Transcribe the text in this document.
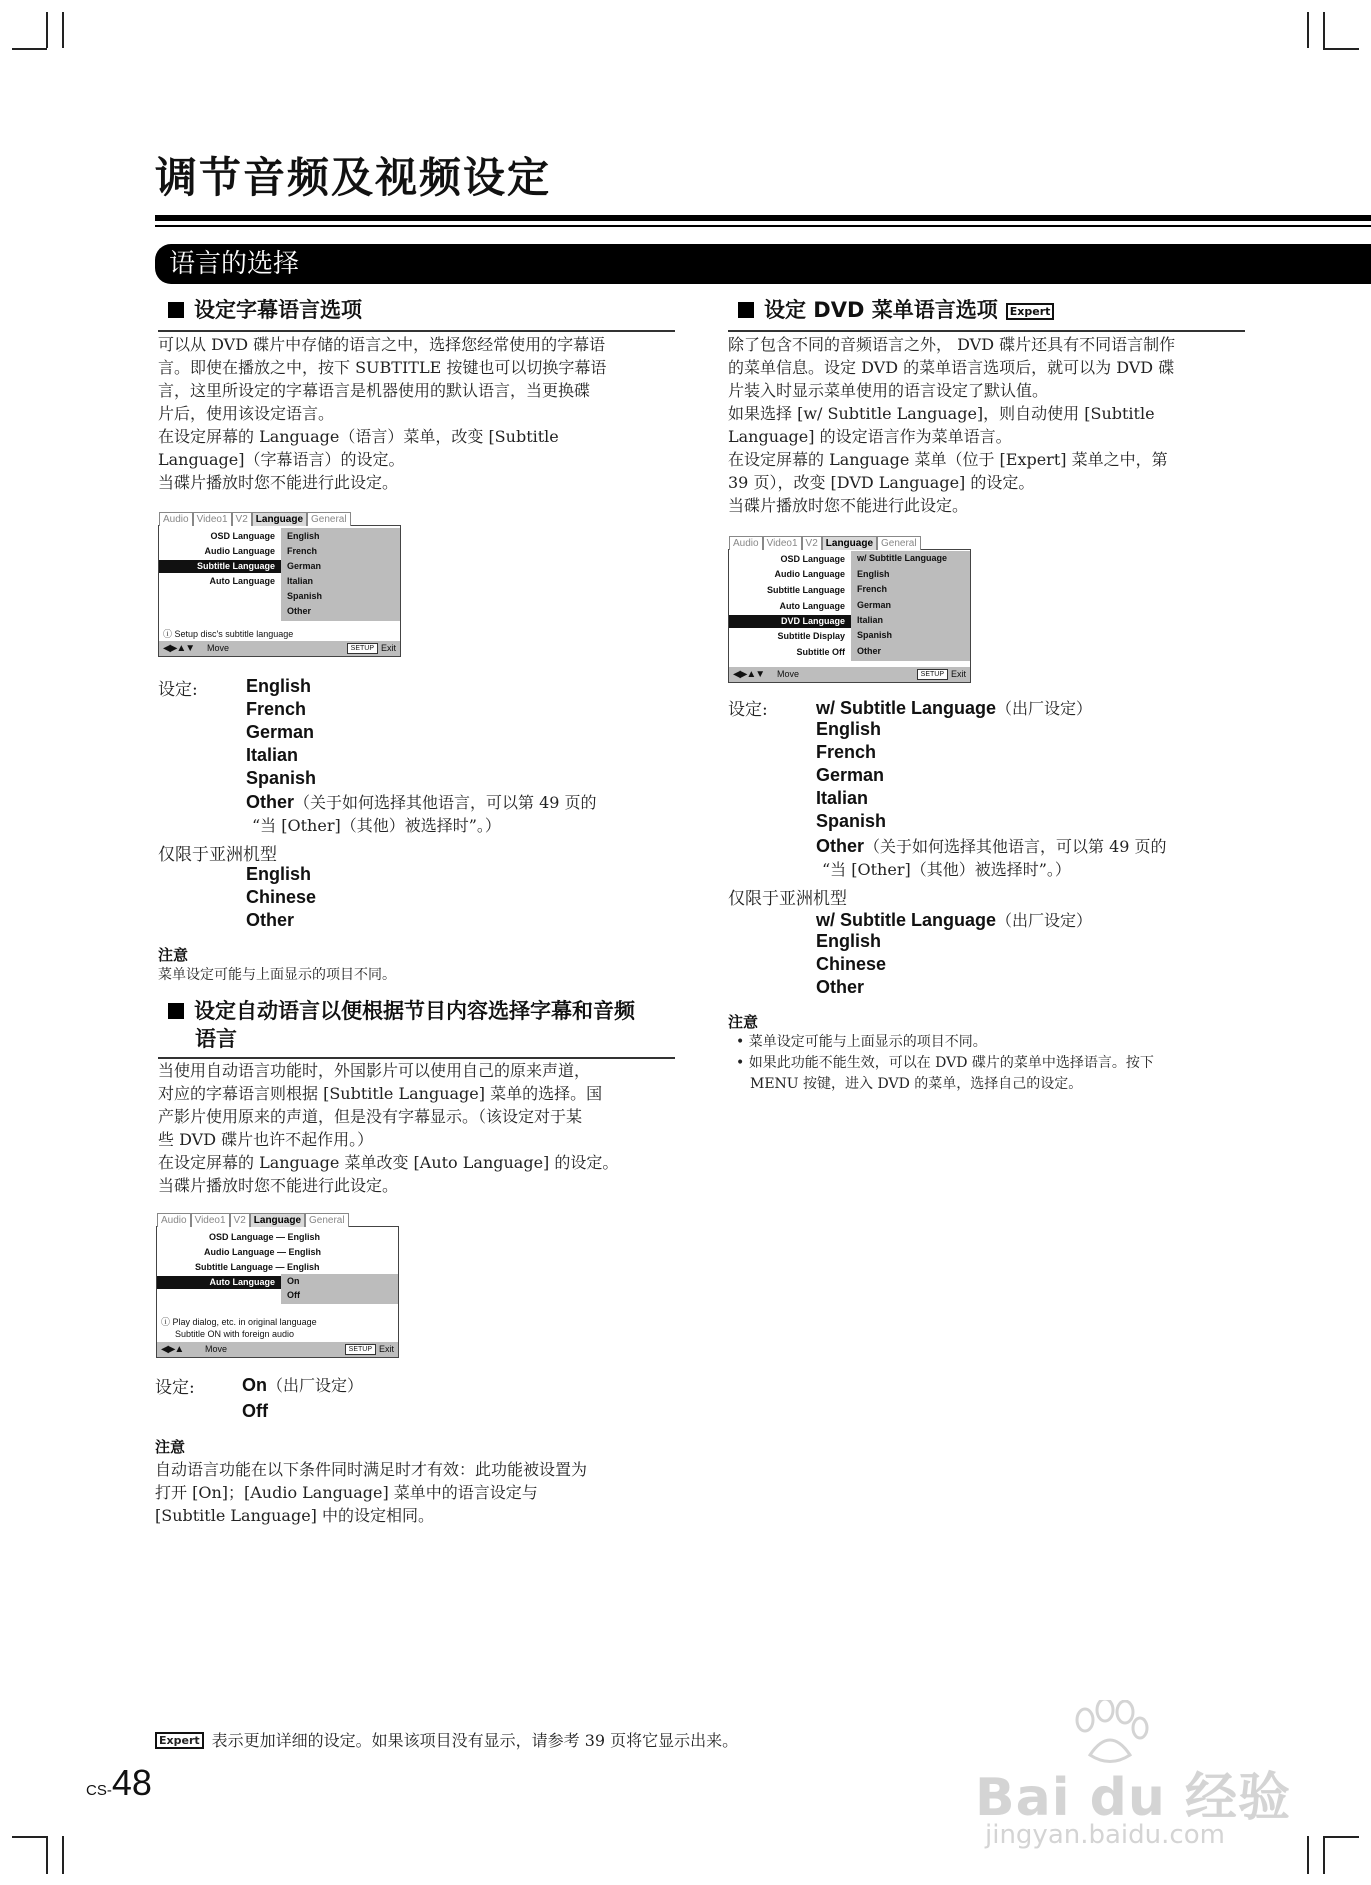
调节音频及视频设定
语言的选择
设定字幕语言选项

可以从 DVD 碟片中存储的语言之中，选择您经常使用的字幕语

言。即使在播放之中，按下 SUBTITLE 按键也可以切换字幕语

言，这里所设定的字幕语言是机器使用的默认语言，当更换碟

片后，使用该设定语言。

在设定屏幕的 Language（语言）菜单，改变 [Subtitle

Language]（字幕语言）的设定。

当碟片播放时您不能进行此设定。

Audio Video1 V2 Language General
OSD Language
Audio Language
Subtitle Language
Auto Language
English
French
German
Italian
Spanish
Other
ⓘ Setup disc's subtitle language
◀▶▲▼ Move	SETUP Exit
设定:	English
French
German
Italian
Spanish
Other（关于如何选择其他语言，可以第 49 页的
“当 [Other]（其他）被选择时”。）
仅限于亚洲机型
English
Chinese
Other
注意
菜单设定可能与上面显示的项目不同。
设定自动语言以便根据节目内容选择字幕和音频
语言

当使用自动语言功能时，外国影片可以使用自己的原来声道，

对应的字幕语言则根据 [Subtitle Language] 菜单的选择。国

产影片使用原来的声道，但是没有字幕显示。（该设定对于某

些 DVD 碟片也许不起作用。）

在设定屏幕的 Language 菜单改变 [Auto Language] 的设定。

当碟片播放时您不能进行此设定。

Audio Video1 V2 Language General
OSD Language — English
Audio Language — English
Subtitle Language — English
Auto Language	On
Off
ⓘ Play dialog, etc. in original language
Subtitle ON with foreign audio
◀▶▲ Move	SETUP Exit
设定:	On（出厂设定）
Off
注意

自动语言功能在以下条件同时满足时才有效：此功能被设置为

打开 [On]；[Audio Language] 菜单中的语言设定与

[Subtitle Language] 中的设定相同。

设定 DVD 菜单语言选项 Expert

除了包含不同的音频语言之外， DVD 碟片还具有不同语言制作

的菜单信息。设定 DVD 的菜单语言选项后，就可以为 DVD 碟

片装入时显示菜单使用的语言设定了默认值。

如果选择 [w/ Subtitle Language]，则自动使用 [Subtitle

Language] 的设定语言作为菜单语言。

在设定屏幕的 Language 菜单（位于 [Expert] 菜单之中，第

39 页），改变 [DVD Language] 的设定。

当碟片播放时您不能进行此设定。

Audio Video1 V2 Language General
OSD Language
Audio Language
Subtitle Language
Auto Language
DVD Language
Subtitle Display
Subtitle Off
w/ Subtitle Language
English
French
German
Italian
Spanish
Other
◀▶▲▼ Move	SETUP Exit
设定:	w/ Subtitle Language（出厂设定）
English
French
German
Italian
Spanish
Other（关于如何选择其他语言，可以第 49 页的
“当 [Other]（其他）被选择时”。）
仅限于亚洲机型
w/ Subtitle Language（出厂设定）
English
Chinese
Other
注意
• 菜单设定可能与上面显示的项目不同。
• 如果此功能不能生效，可以在 DVD 碟片的菜单中选择语言。按下
MENU 按键，进入 DVD 的菜单，选择自己的设定。
Expert 表示更加详细的设定。如果该项目没有显示，请参考 39 页将它显示出来。
CS-48	Bai du 经验
jingyan.baidu.com
